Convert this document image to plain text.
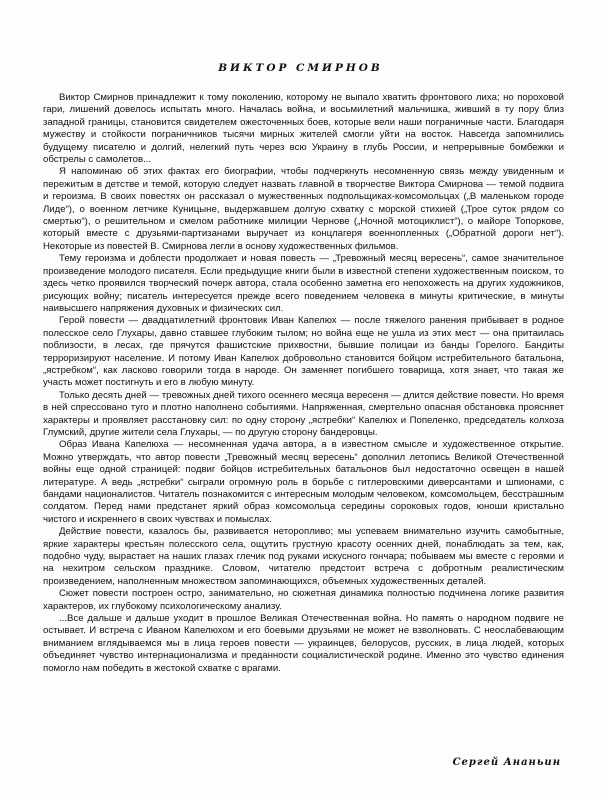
ВИКТОР СМИРНОВ

Виктор Смирнов принадлежит к тому поколению, которому не выпало хватить фронтового лиха; но пороховой гари, лишений довелось испытать много. Началась война, и восьмилетний мальчишка, живший в ту пору близ западной границы, становится свидетелем ожесточенных боев, которые вели наши пограничные части. Благодаря мужеству и стойкости пограничников тысячи мирных жителей смогли уйти на восток. Навсегда запомнились будущему писателю и долгий, нелегкий путь через всю Украину в глубь России, и непрерывные бомбежки и обстрелы с самолетов...

Я напоминаю об этих фактах его биографии, чтобы подчеркнуть несомненную связь между увиденным и пережитым в детстве и темой, которую следует назвать главной в творчестве Виктора Смирнова — темой подвига и героизма. В своих повестях он рассказал о мужественных подпольщиках-комсомольцах („В маленьком городе Лиде“), о военном летчике Куницыне, выдержавшем долгую схватку с морской стихией („Трое суток рядом со смертью“), о решительном и смелом работнике милиции Чернове („Ночной мотоциклист“), о майоре Топоркове, который вместе с друзьями-партизанами выручает из концлагеря военнопленных („Обратной дороги нет“). Некоторые из повестей В. Смирнова легли в основу художественных фильмов.

Тему героизма и доблести продолжает и новая повесть — „Тревожный месяц вересень“, самое значительное произведение молодого писателя. Если предыдущие книги были в известной степени художественным поиском, то здесь четко проявился творческий почерк автора, стала особенно заметна его непохожесть на других художников, рисующих войну; писатель интересуется прежде всего поведением человека в минуты критические, в минуты наивысшего напряжения духовных и физических сил.

Герой повести — двадцатилетний фронтовик Иван Капелюх — после тяжелого ранения прибывает в родное полесское село Глухары, давно ставшее глубоким тылом; но война еще не ушла из этих мест — она притаилась поблизости, в лесах, где прячутся фашистские прихвостни, бывшие полицаи из банды Горелого. Бандиты терроризируют население. И потому Иван Капелюх добровольно становится бойцом истребительного батальона, „ястребком“, как ласково говорили тогда в народе. Он заменяет погибшего товарища, хотя знает, что такая же участь может постигнуть и его в любую минуту.

Только десять дней — тревожных дней тихого осеннего месяца вересеня — длится действие повести. Но время в ней спрессовано туго и плотно наполнено событиями. Напряженная, смертельно опасная обстановка проясняет характеры и проявляет расстановку сил: по одну сторону „ястребки“ Капелюх и Попеленко, председатель колхоза Глумский, другие жители села Глухары, — по другую сторону бандеровцы.

Образ Ивана Капелюха — несомненная удача автора, а в известном смысле и художественное открытие. Можно утверждать, что автор повести „Тревожный месяц вересень“ дополнил летопись Великой Отечественной войны еще одной страницей: подвиг бойцов истребительных батальонов был недостаточно освещен в нашей литературе. А ведь „ястребки“ сыграли огромную роль в борьбе с гитлеровскими диверсантами и шпионами, с бандами националистов. Читатель познакомится с интересным молодым человеком, комсомольцем, бесстрашным солдатом. Перед нами предстанет яркий образ комсомольца середины сороковых годов, юноши кристально чистого и искреннего в своих чувствах и помыслах.

Действие повести, казалось бы, развивается неторопливо; мы успеваем внимательно изучить самобытные, яркие характеры крестьян полесского села, ощутить грустную красоту осенних дней, понаблюдать за тем, как, подобно чуду, вырастает на наших глазах глечик под руками искусного гончара; побываем мы вместе с героями и на нехитром сельском празднике. Словом, читателю предстоит встреча с добротным реалистическим произведением, наполненным множеством запоминающихся, объемных художественных деталей.

Сюжет повести построен остро, занимательно, но сюжетная динамика полностью подчинена логике развития характеров, их глубокому психологическому анализу.

...Все дальше и дальше уходит в прошлое Великая Отечественная война. Но память о народном подвиге не остывает. И встреча с Иваном Капелюхом и его боевыми друзьями не может не взволновать. С неослабевающим вниманием вглядываемся мы в лица героев повести — украинцев, белорусов, русских, в лица людей, которых объединяет чувство интернационализма и преданности социалистической родине. Именно это чувство единения помогло нам победить в жестокой схватке с врагами.

Сергей Ананьин
